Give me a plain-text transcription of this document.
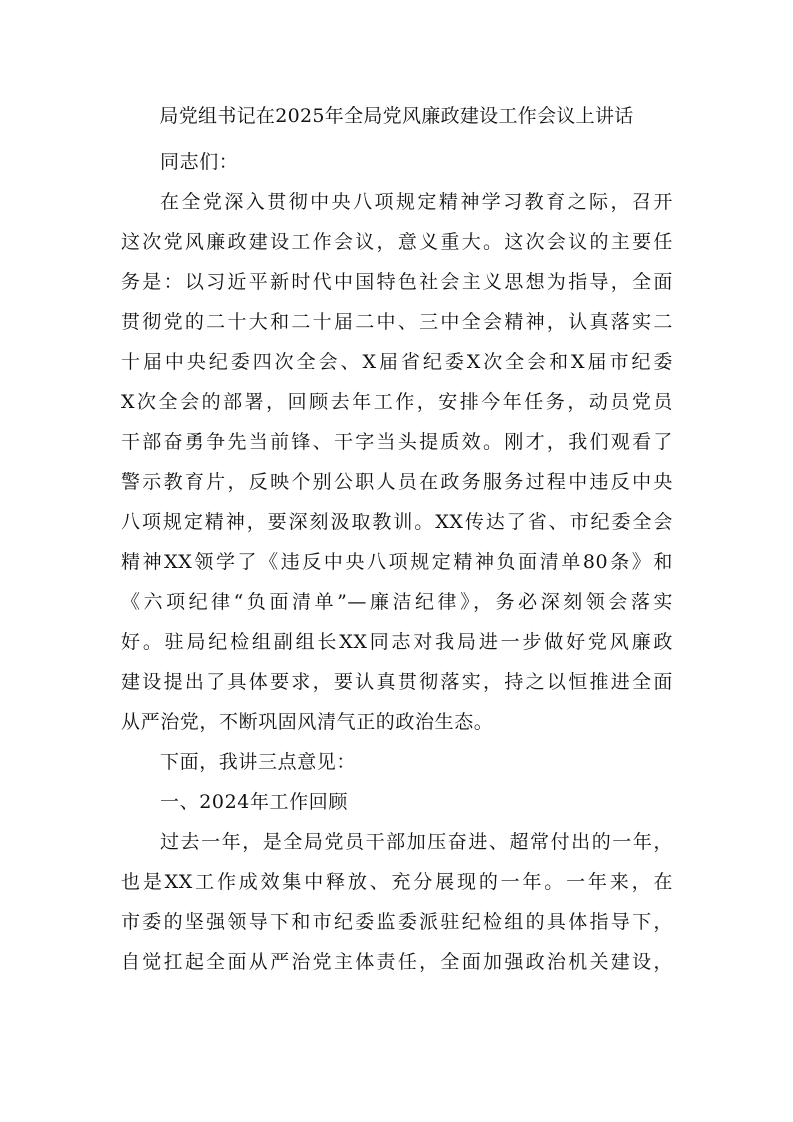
局党组书记在2025年全局党风廉政建设工作会议上讲话
同志们：
在全党深入贯彻中央八项规定精神学习教育之际，召开
这次党风廉政建设工作会议，意义重大。这次会议的主要任
务是：以习近平新时代中国特色社会主义思想为指导，全面
贯彻党的二十大和二十届二中、三中全会精神，认真落实二
十届中央纪委四次全会、X届省纪委X次全会和X届市纪委
X次全会的部署，回顾去年工作，安排今年任务，动员党员
干部奋勇争先当前锋、干字当头提质效。刚才，我们观看了
警示教育片，反映个别公职人员在政务服务过程中违反中央
八项规定精神，要深刻汲取教训。XX传达了省、市纪委全会
精神XX领学了《违反中央八项规定精神负面清单80条》和
《六项纪律“负面清单”—廉洁纪律》，务必深刻领会落实
好。驻局纪检组副组长XX同志对我局进一步做好党风廉政
建设提出了具体要求，要认真贯彻落实，持之以恒推进全面
从严治党，不断巩固风清气正的政治生态。
下面，我讲三点意见：
一、2024年工作回顾
过去一年，是全局党员干部加压奋进、超常付出的一年，
也是XX工作成效集中释放、充分展现的一年。一年来，在
市委的坚强领导下和市纪委监委派驻纪检组的具体指导下，
自觉扛起全面从严治党主体责任，全面加强政治机关建设，
